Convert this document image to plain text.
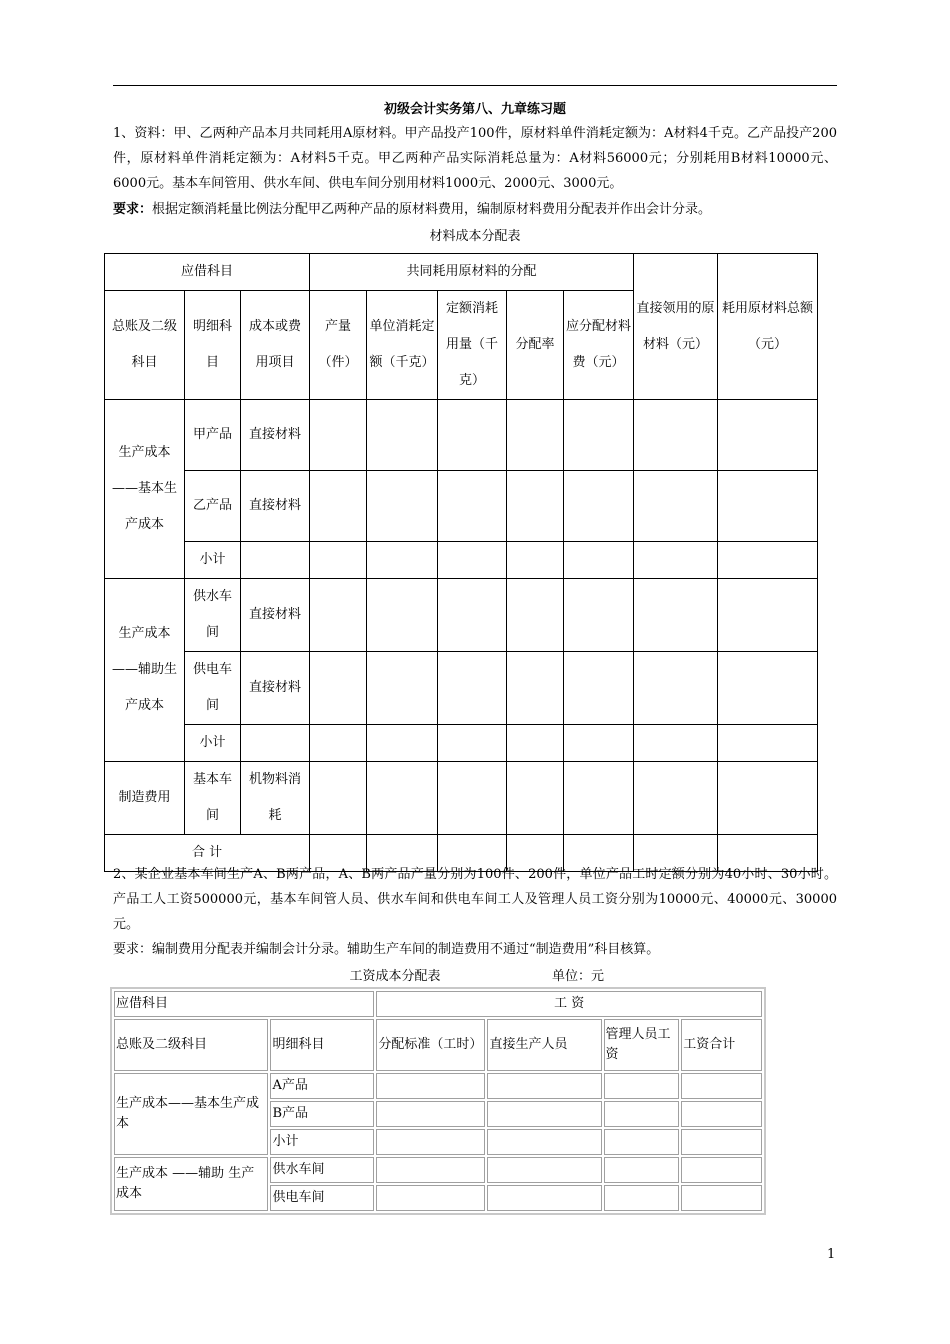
初级会计实务第八、九章练习题
1、资料：甲、乙两种产品本月共同耗用A原材料。甲产品投产100件，原材料单件消耗定额为：A材料4千克。乙产品投产200件，原材料单件消耗定额为：A材料5千克。甲乙两种产品实际消耗总量为：A材料56000元；分别耗用B材料10000元、6000元。基本车间管用、供水车间、供电车间分别用材料1000元、2000元、3000元。
要求：根据定额消耗量比例法分配甲乙两种产品的原材料费用，编制原材料费用分配表并作出会计分录。
材料成本分配表
应借科目			共同耗用原材料的分配					直接领用的原材料（元）	耗用原材料总额（元）
总账及二级科目	明细科目	成本或费用项目	产量（件）	单位消耗定额（千克）	定额消耗用量（千克）	分配率	应分配材料费（元）		
生产成本——基本生产成本	甲产品	直接材料							
	乙产品	直接材料							
	小计								
生产成本——辅助生产成本	供水车间	直接材料							
	供电车间	直接材料							
	小计								
制造费用	基本车间	机物料消耗							
合 计									
2、某企业基本车间生产A、B两产品，A、B两产品产量分别为100件、200件，单位产品工时定额分别为40小时、30小时。产品工人工资500000元，基本车间管人员、供水车间和供电车间工人及管理人员工资分别为10000元、40000元、30000元。
要求：编制费用分配表并编制会计分录。辅助生产车间的制造费用不通过“制造费用”科目核算。
工资成本分配表	单位：元
应借科目		工 资			
总账及二级科目	明细科目	分配标准（工时）	直接生产人员	管理人员工资	工资合计
生产成本——基本生产成本	A产品				
	B产品				
	小计				
生产成本 ——辅助 生产成本	供水车间				
	供电车间				
1
